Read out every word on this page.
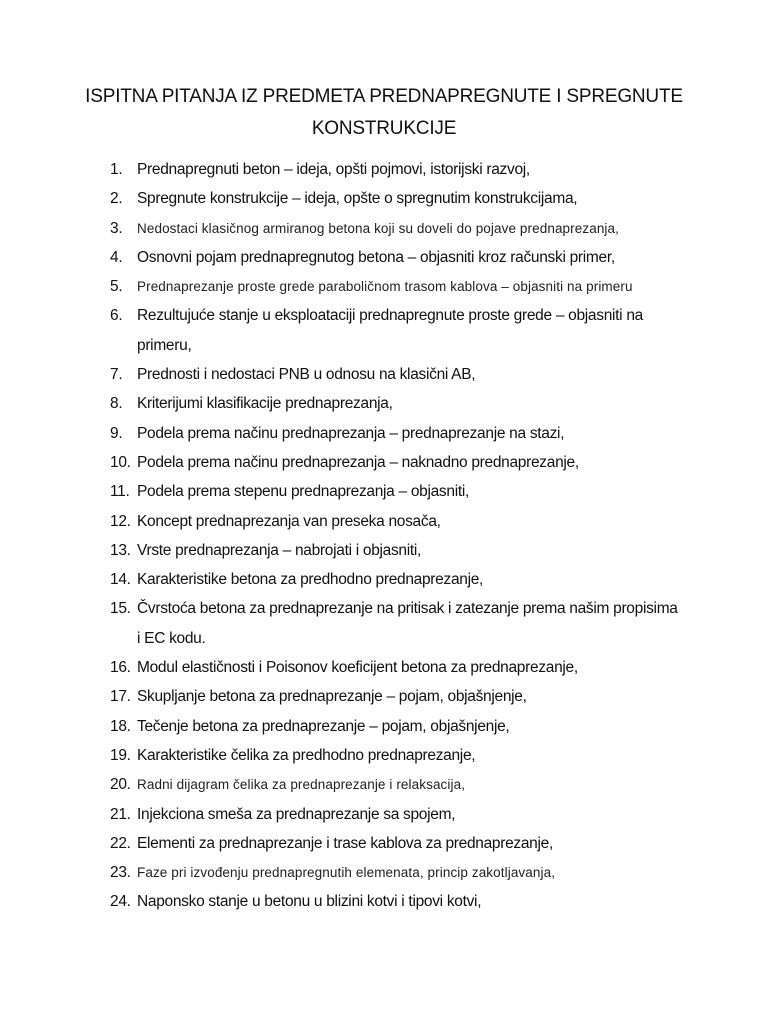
ISPITNA PITANJA IZ PREDMETA PREDNAPREGNUTE I SPREGNUTE
KONSTRUKCIJE
1. Prednapregnuti beton – ideja, opšti pojmovi, istorijski razvoj,
2. Spregnute konstrukcije – ideja, opšte o spregnutim konstrukcijama,
3.	Nedostaci klasičnog armiranog betona koji su doveli do pojave prednaprezanja,
4. Osnovni pojam prednapregnutog betona – objasniti kroz računski primer,
5.	Prednaprezanje proste grede paraboličnom trasom kablova – objasniti na primeru
6. Rezultujuće stanje u eksploataciji prednapregnute proste grede – objasniti na primeru,
7. Prednosti i nedostaci PNB u odnosu na klasični AB,
8. Kriterijumi klasifikacije prednaprezanja,
9. Podela prema načinu prednaprezanja – prednaprezanje na stazi,
10. Podela prema načinu prednaprezanja – naknadno prednaprezanje,
11. Podela prema stepenu prednaprezanja – objasniti,
12. Koncept prednaprezanja van preseka nosača,
13. Vrste prednaprezanja – nabrojati i objasniti,
14. Karakteristike betona za predhodno prednaprezanje,
15. Čvrstoća betona za prednaprezanje na pritisak i zatezanje prema našim propisima i EC kodu.
16. Modul elastičnosti i Poisonov koeficijent betona za prednaprezanje,
17. Skupljanje betona za prednaprezanje – pojam, objašnjenje,
18. Tečenje betona za prednaprezanje – pojam, objašnjenje,
19. Karakteristike čelika za predhodno prednaprezanje,
20. Radni dijagram čelika za prednaprezanje i relaksacija,
21. Injekciona smeša za prednaprezanje sa spojem,
22. Elementi za prednaprezanje i trase kablova za prednaprezanje,
23. Faze pri izvođenju prednapregnutih elemenata, princip zakotljavanja,
24. Naponsko stanje u betonu u blizini kotvi i tipovi kotvi,
